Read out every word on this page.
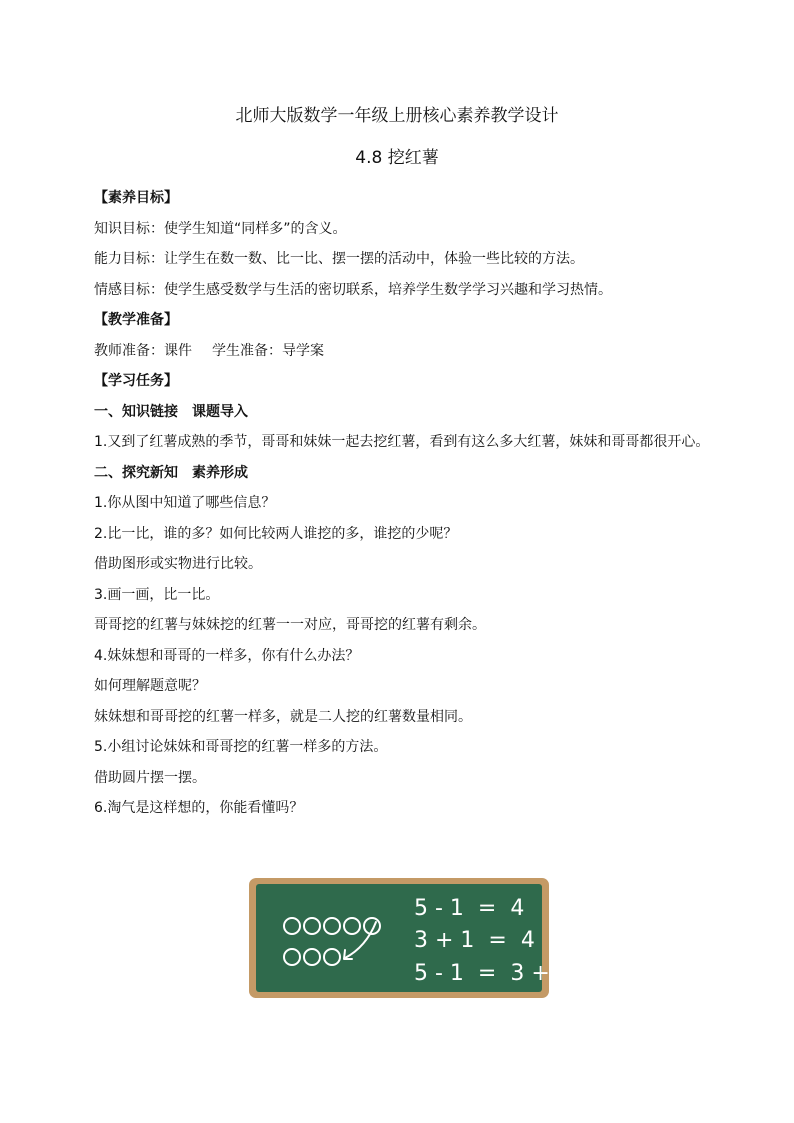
北师大版数学一年级上册核心素养教学设计
4.8 挖红薯

【素养目标】

知识目标：使学生知道“同样多”的含义。

能力目标：让学生在数一数、比一比、摆一摆的活动中，体验一些比较的方法。

情感目标：使学生感受数学与生活的密切联系，培养学生数学学习兴趣和学习热情。

【教学准备】

教师准备：课件 学生准备：导学案

【学习任务】

一、知识链接　课题导入

1.又到了红薯成熟的季节，哥哥和妹妹一起去挖红薯，看到有这么多大红薯，妹妹和哥哥都很开心。

二、探究新知　素养形成

1.你从图中知道了哪些信息？

2.比一比，谁的多？如何比较两人谁挖的多，谁挖的少呢？

借助图形或实物进行比较。

3.画一画，比一比。

哥哥挖的红薯与妹妹挖的红薯一一对应，哥哥挖的红薯有剩余。

4.妹妹想和哥哥的一样多，你有什么办法？

如何理解题意呢？

妹妹想和哥哥挖的红薯一样多，就是二人挖的红薯数量相同。

5.小组讨论妹妹和哥哥挖的红薯一样多的方法。

借助圆片摆一摆。

6.淘气是这样想的，你能看懂吗？

5 - 1  =  4
3 + 1  =  4
5 - 1  =  3 + 1
